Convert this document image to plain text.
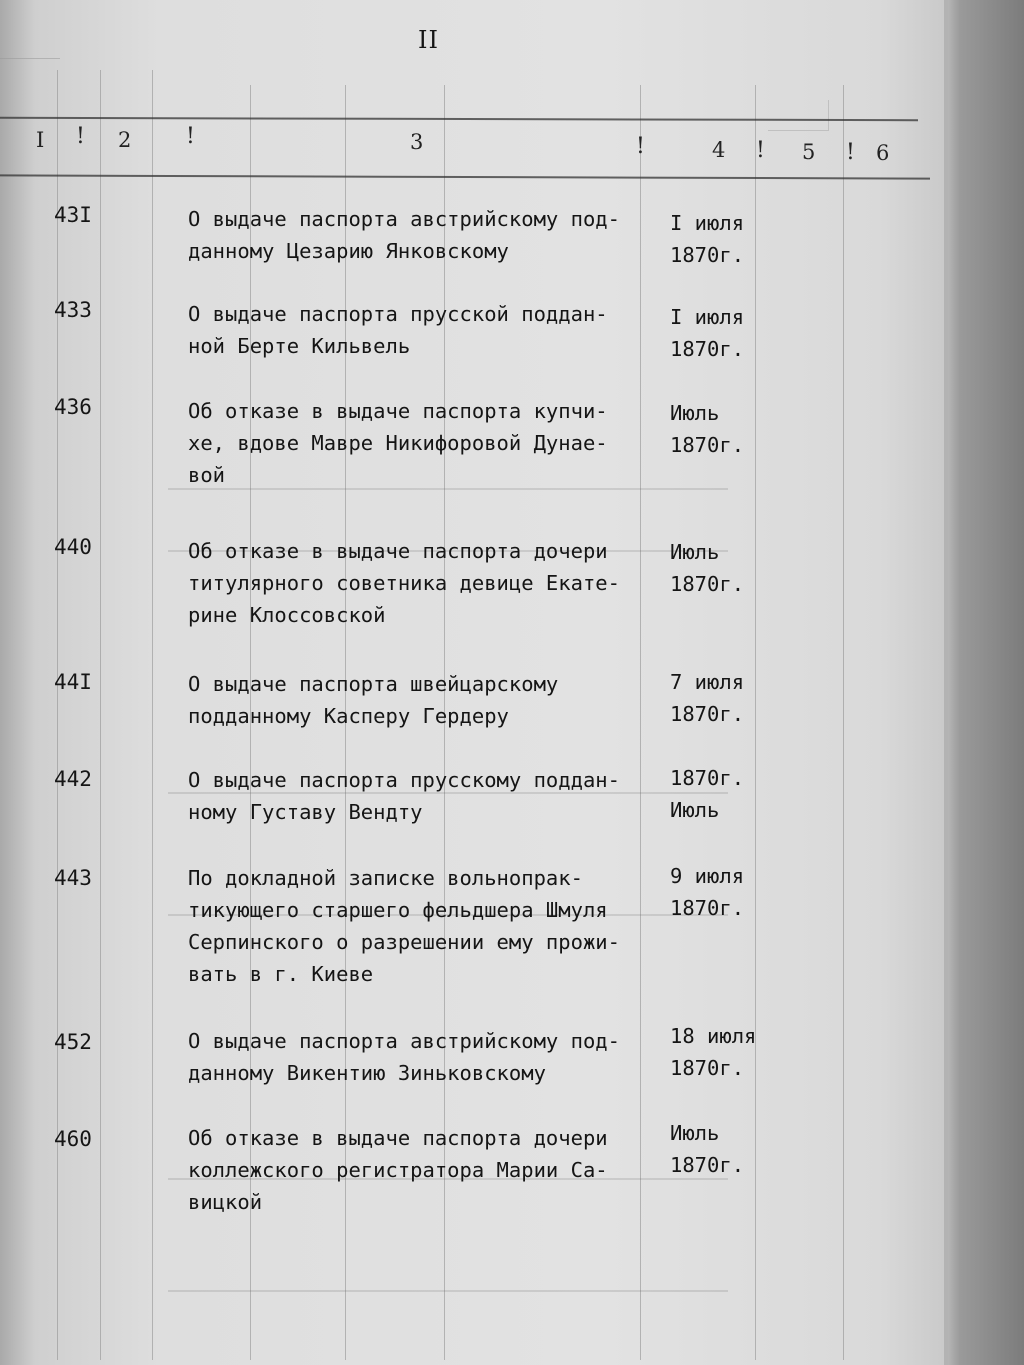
II
I ! 2 !	3	!	4 ! 5 ! 6
43I	О выдаче паспорта австрийскому под-
данному Цезарию Янковскому
I июля
1870г.
433	О выдаче паспорта прусской поддан-
ной Берте Кильвель
I июля
1870г.
436	Об отказе в выдаче паспорта купчи-
хе, вдове Мавре Никифоровой Дунае-
вой
Июль
1870г.
440	Об отказе в выдаче паспорта дочери
титулярного советника девице Екате-
рине Клоссовской
Июль
1870г.
44I	О выдаче паспорта швейцарскому
подданному Касперу Гердеру
7 июля
1870г.
442	О выдаче паспорта прусскому поддан-
ному Густаву Вендту
1870г.
Июль
443	По докладной записке вольнопрак-
тикующего старшего фельдшера Шмуля
Серпинского о разрешении ему прожи-
вать в г. Киеве
9 июля
1870г.
452	О выдаче паспорта австрийскому под-
данному Викентию Зиньковскому
18 июля
1870г.
460	Об отказе в выдаче паспорта дочери
коллежского регистратора Марии Са-
вицкой
Июль
1870г.
